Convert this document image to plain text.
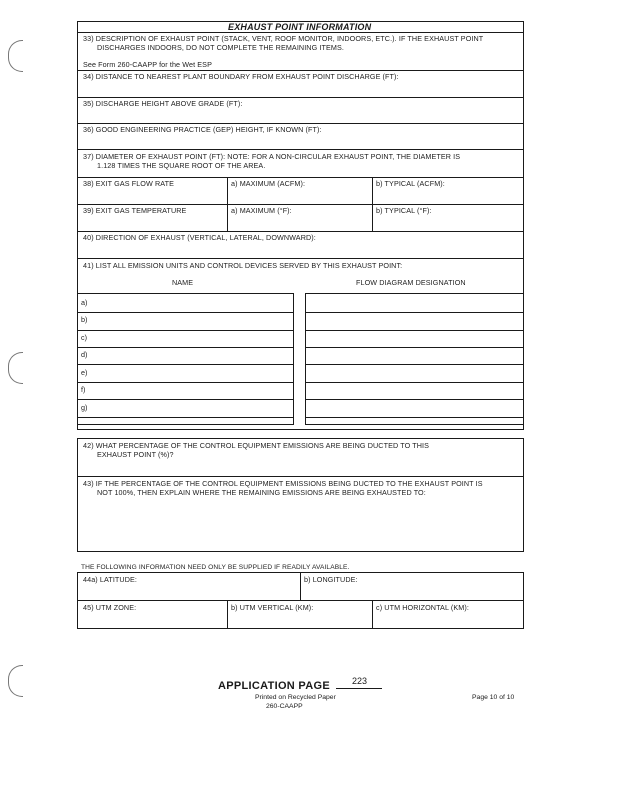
EXHAUST POINT INFORMATION
33) DESCRIPTION OF EXHAUST POINT (STACK, VENT, ROOF MONITOR, INDOORS, ETC.). IF THE EXHAUST POINT
DISCHARGES INDOORS, DO NOT COMPLETE THE REMAINING ITEMS.
See Form 260-CAAPP for the Wet ESP
34) DISTANCE TO NEAREST PLANT BOUNDARY FROM EXHAUST POINT DISCHARGE (FT):
35) DISCHARGE HEIGHT ABOVE GRADE (FT):
36) GOOD ENGINEERING PRACTICE (GEP) HEIGHT, IF KNOWN (FT):
37) DIAMETER OF EXHAUST POINT (FT): NOTE: FOR A NON-CIRCULAR EXHAUST POINT, THE DIAMETER IS
1.128 TIMES THE SQUARE ROOT OF THE AREA.
38) EXIT GAS FLOW RATE	a) MAXIMUM (ACFM):	b) TYPICAL (ACFM):
39) EXIT GAS TEMPERATURE	a) MAXIMUM (°F):	b) TYPICAL (°F):
40) DIRECTION OF EXHAUST (VERTICAL, LATERAL, DOWNWARD):
41) LIST ALL EMISSION UNITS AND CONTROL DEVICES SERVED BY THIS EXHAUST POINT:
NAME	FLOW DIAGRAM DESIGNATION
a)
b)
c)
d)
e)
f)
g)
42) WHAT PERCENTAGE OF THE CONTROL EQUIPMENT EMISSIONS ARE BEING DUCTED TO THIS
EXHAUST POINT (%)?
43) IF THE PERCENTAGE OF THE CONTROL EQUIPMENT EMISSIONS BEING DUCTED TO THE EXHAUST POINT IS
NOT 100%, THEN EXPLAIN WHERE THE REMAINING EMISSIONS ARE BEING EXHAUSTED TO:
THE FOLLOWING INFORMATION NEED ONLY BE SUPPLIED IF READILY AVAILABLE.
44a) LATITUDE:	b) LONGITUDE:
45) UTM ZONE:	b) UTM VERTICAL (KM):	c) UTM HORIZONTAL (KM):
APPLICATION PAGE 223
Printed on Recycled Paper
260-CAAPP
Page 10 of 10
